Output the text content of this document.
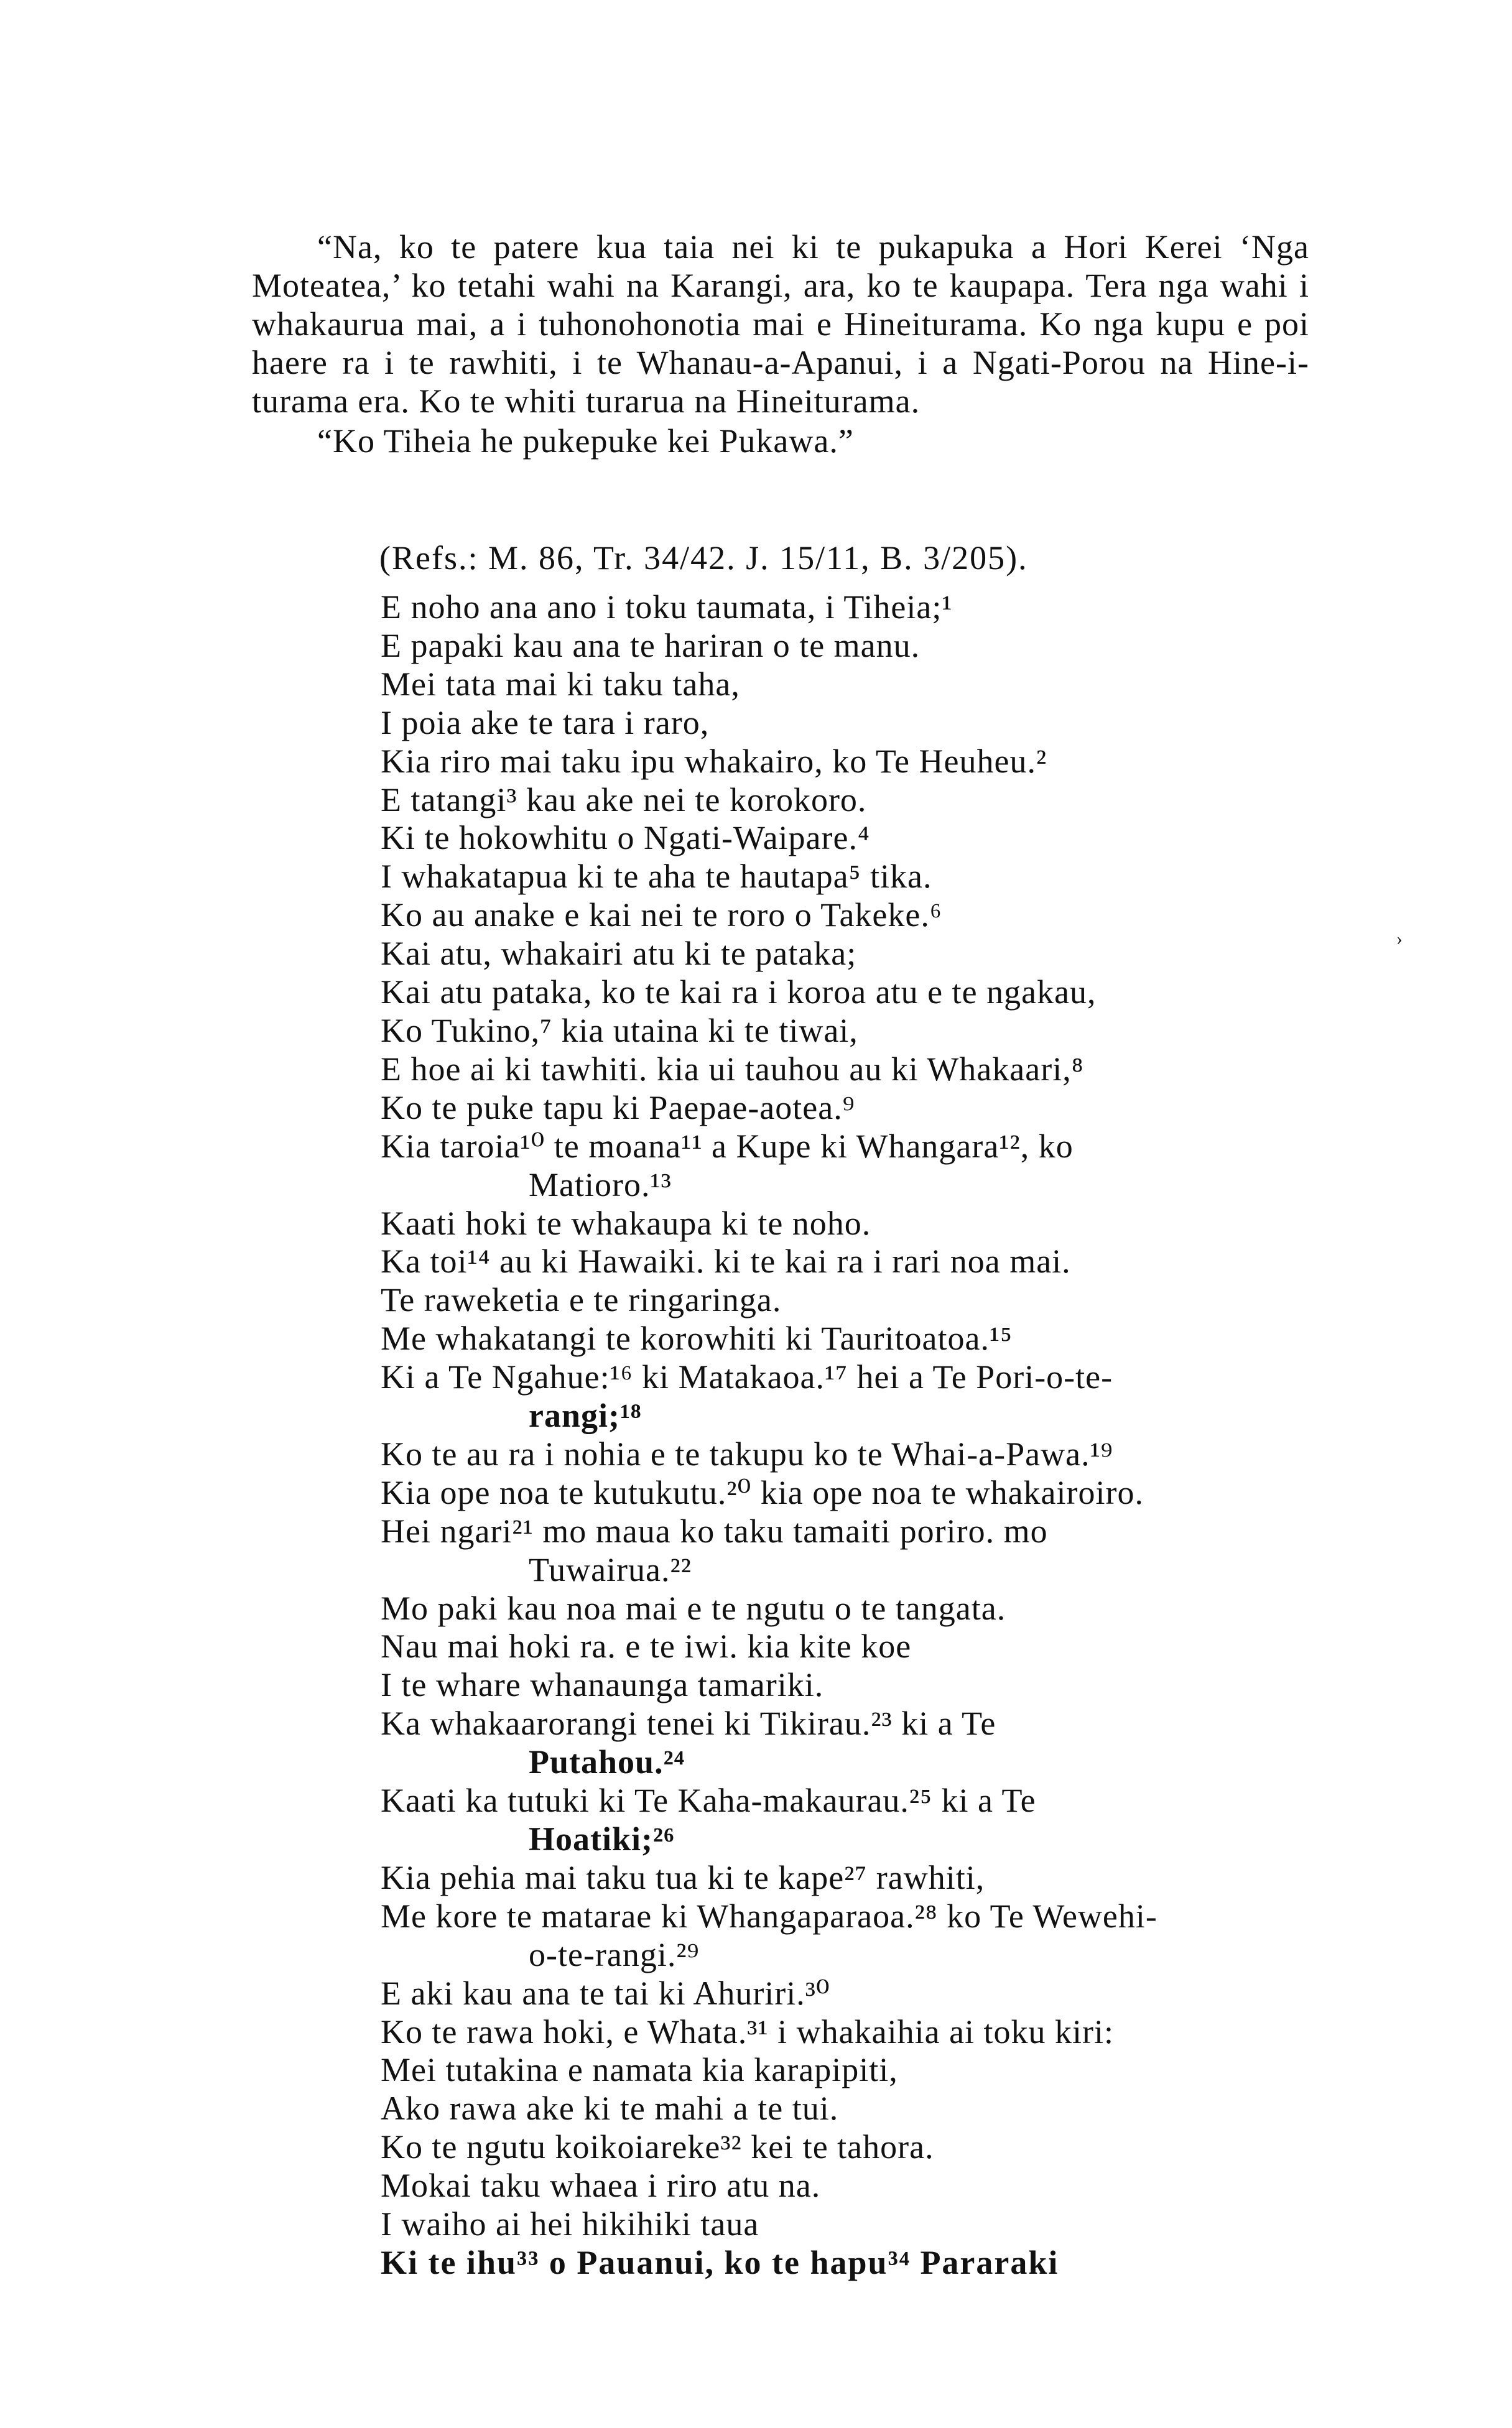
“Na, ko te patere kua taia nei ki te pukapuka a Hori Kerei ‘Nga Moteatea,’ ko tetahi wahi na Karangi, ara, ko te kaupapa. Tera nga wahi i whakaurua mai, a i tuhonohonotia mai e Hineiturama. Ko nga kupu e poi haere ra i te rawhiti, i te Whanau-a-Apanui, i a Ngati-Porou na Hine-i-turama era. Ko te whiti turarua na Hineiturama.

“Ko Tiheia he pukepuke kei Pukawa.”

(Refs.: M. 86, Tr. 34/42. J. 15/11, B. 3/205).
›
E noho ana ano i toku taumata, i Tiheia;¹
E papaki kau ana te hariran o te manu.
Mei tata mai ki taku taha,
I poia ake te tara i raro,
Kia riro mai taku ipu whakairo, ko Te Heuheu.²
E tatangi³ kau ake nei te korokoro.
Ki te hokowhitu o Ngati-Waipare.⁴
I whakatapua ki te aha te hautapa⁵ tika.
Ko au anake e kai nei te roro o Takeke.⁶
Kai atu, whakairi atu ki te pataka;
Kai atu pataka, ko te kai ra i koroa atu e te ngakau,
Ko Tukino,⁷ kia utaina ki te tiwai,
E hoe ai ki tawhiti. kia ui tauhou au ki Whakaari,⁸
Ko te puke tapu ki Paepae-aotea.⁹
Kia taroia¹⁰ te moana¹¹ a Kupe ki Whangara¹², ko
Matioro.¹³
Kaati hoki te whakaupa ki te noho.
Ka toi¹⁴ au ki Hawaiki. ki te kai ra i rari noa mai.
Te raweketia e te ringaringa.
Me whakatangi te korowhiti ki Tauritoatoa.¹⁵
Ki a Te Ngahue:¹⁶ ki Matakaoa.¹⁷ hei a Te Pori-o-te-
rangi;¹⁸
Ko te au ra i nohia e te takupu ko te Whai-a-Pawa.¹⁹
Kia ope noa te kutukutu.²⁰ kia ope noa te whakairoiro.
Hei ngari²¹ mo maua ko taku tamaiti poriro. mo
Tuwairua.²²
Mo paki kau noa mai e te ngutu o te tangata.
Nau mai hoki ra. e te iwi. kia kite koe
I te whare whanaunga tamariki.
Ka whakaarorangi tenei ki Tikirau.²³ ki a Te
Putahou.²⁴
Kaati ka tutuki ki Te Kaha-makaurau.²⁵ ki a Te
Hoatiki;²⁶
Kia pehia mai taku tua ki te kape²⁷ rawhiti,
Me kore te matarae ki Whangaparaoa.²⁸ ko Te Wewehi-
o-te-rangi.²⁹
E aki kau ana te tai ki Ahuriri.³⁰
Ko te rawa hoki, e Whata.³¹ i whakaihia ai toku kiri:
Mei tutakina e namata kia karapipiti,
Ako rawa ake ki te mahi a te tui.
Ko te ngutu koikoiareke³² kei te tahora.
Mokai taku whaea i riro atu na.
I waiho ai hei hikihiki taua
Ki te ihu³³ o Pauanui, ko te hapu³⁴ Pararaki
